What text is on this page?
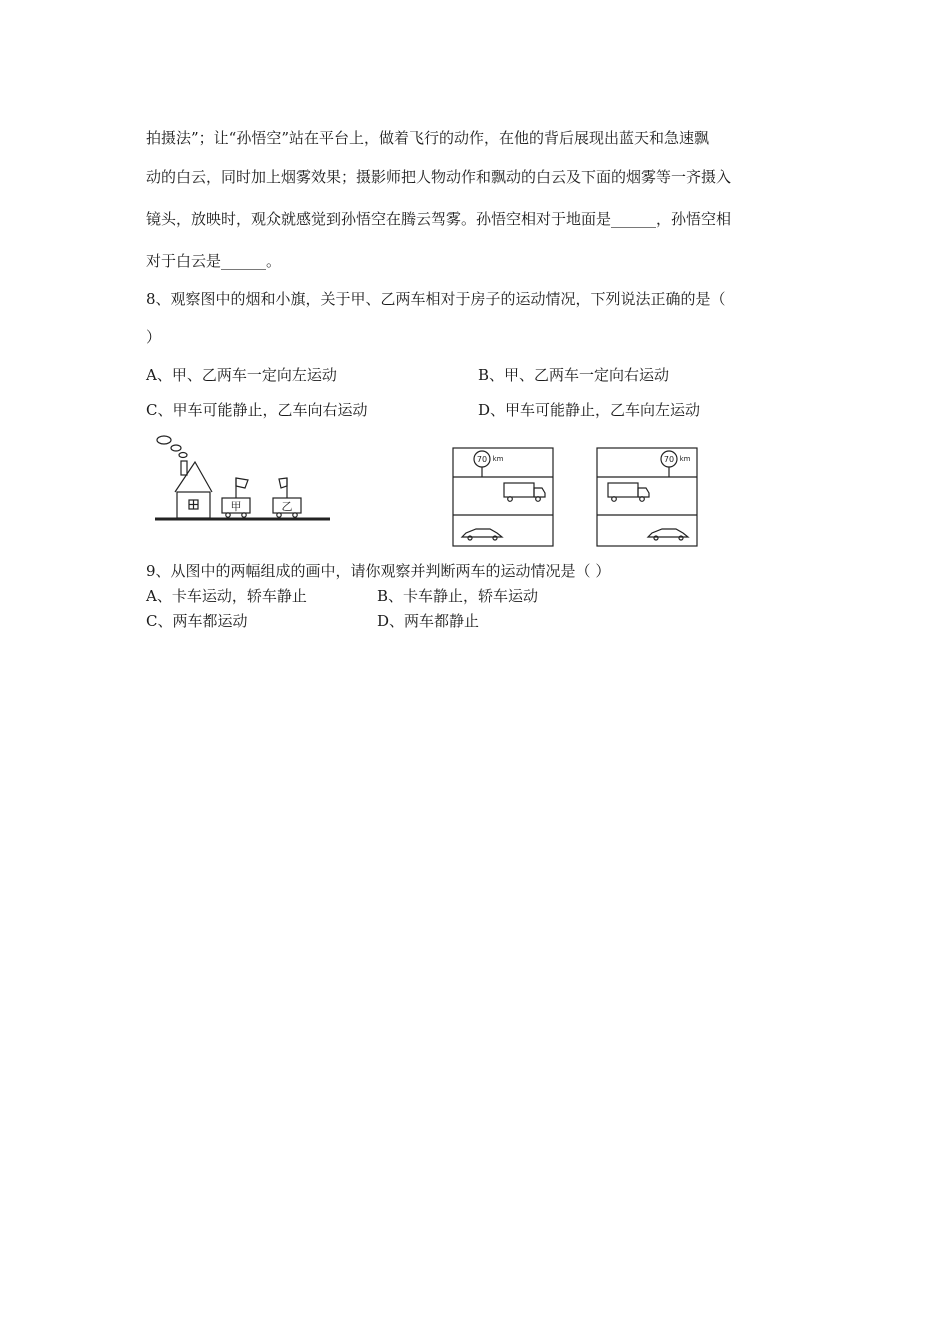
拍摄法”；让“孙悟空”站在平台上，做着飞行的动作，在他的背后展现出蓝天和急速飘
动的白云，同时加上烟雾效果；摄影师把人物动作和飘动的白云及下面的烟雾等一齐摄入
镜头，放映时，观众就感觉到孙悟空在腾云驾雾。孙悟空相对于地面是______，孙悟空相
对于白云是______。
8、观察图中的烟和小旗，关于甲、乙两车相对于房子的运动情况，下列说法正确的是（
）
A、甲、乙两车一定向左运动	B、甲、乙两车一定向右运动
C、甲车可能静止，乙车向右运动	D、甲车可能静止，乙车向左运动
甲	乙
70 km	70 km
9、从图中的两幅组成的画中，请你观察并判断两车的运动情况是（ ）
A、卡车运动，轿车静止	B、卡车静止，轿车运动
C、两车都运动	D、两车都静止
